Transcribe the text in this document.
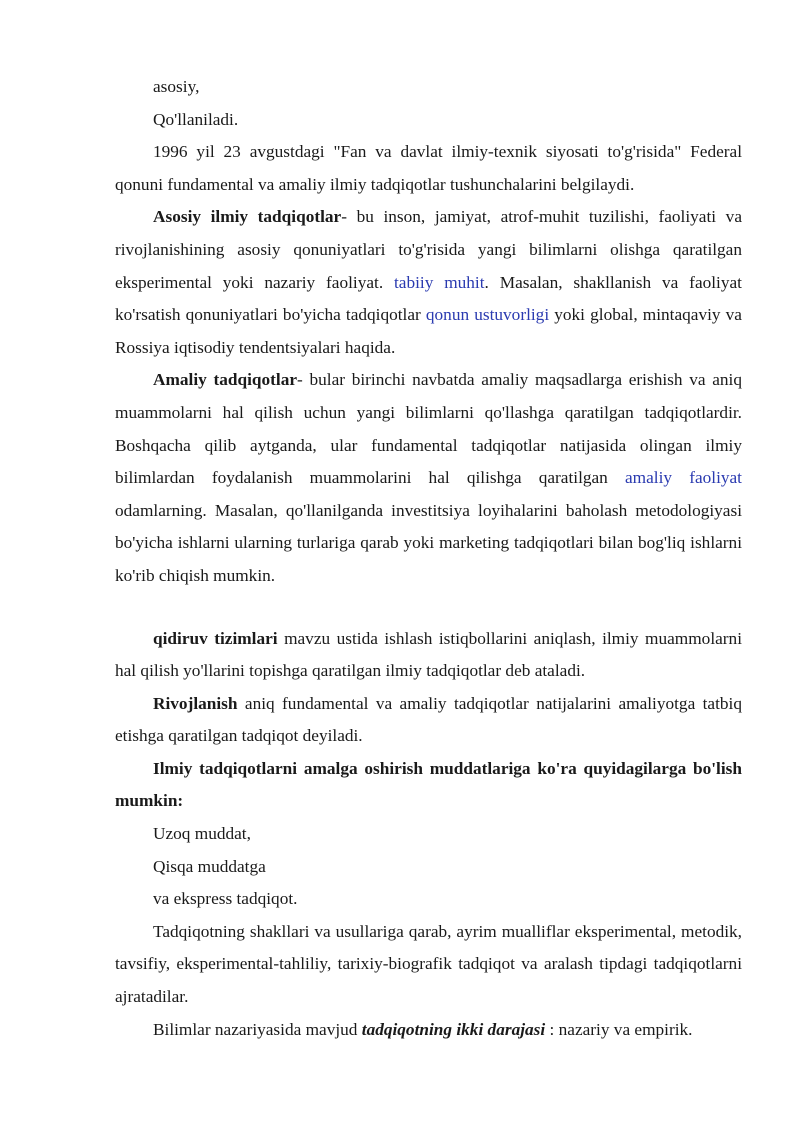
asosiy,

Qo'llaniladi.

1996 yil 23 avgustdagi "Fan va davlat ilmiy-texnik siyosati to'g'risida" Federal qonuni fundamental va amaliy ilmiy tadqiqotlar tushunchalarini belgilaydi.

Asosiy ilmiy tadqiqotlar- bu inson, jamiyat, atrof-muhit tuzilishi, faoliyati va rivojlanishining asosiy qonuniyatlari to'g'risida yangi bilimlarni olishga qaratilgan eksperimental yoki nazariy faoliyat. tabiiy muhit. Masalan, shakllanish va faoliyat ko'rsatish qonuniyatlari bo'yicha tadqiqotlar qonun ustuvorligi yoki global, mintaqaviy va Rossiya iqtisodiy tendentsiyalari haqida.

Amaliy tadqiqotlar- bular birinchi navbatda amaliy maqsadlarga erishish va aniq muammolarni hal qilish uchun yangi bilimlarni qo'llashga qaratilgan tadqiqotlardir. Boshqacha qilib aytganda, ular fundamental tadqiqotlar natijasida olingan ilmiy bilimlardan foydalanish muammolarini hal qilishga qaratilgan amaliy faoliyat odamlarning. Masalan, qo'llanilganda investitsiya loyihalarini baholash metodologiyasi bo'yicha ishlarni ularning turlariga qarab yoki marketing tadqiqotlari bilan bog'liq ishlarni ko'rib chiqish mumkin.

qidiruv tizimlari mavzu ustida ishlash istiqbollarini aniqlash, ilmiy muammolarni hal qilish yo'llarini topishga qaratilgan ilmiy tadqiqotlar deb ataladi.

Rivojlanish aniq fundamental va amaliy tadqiqotlar natijalarini amaliyotga tatbiq etishga qaratilgan tadqiqot deyiladi.

Ilmiy tadqiqotlarni amalga oshirish muddatlariga ko'ra quyidagilarga bo'lish mumkin:

Uzoq muddat,

Qisqa muddatga

va ekspress tadqiqot.

Tadqiqotning shakllari va usullariga qarab, ayrim mualliflar eksperimental, metodik, tavsifiy, eksperimental-tahliliy, tarixiy-biografik tadqiqot va aralash tipdagi tadqiqotlarni ajratadilar.

Bilimlar nazariyasida mavjud tadqiqotning ikki darajasi : nazariy va empirik.
